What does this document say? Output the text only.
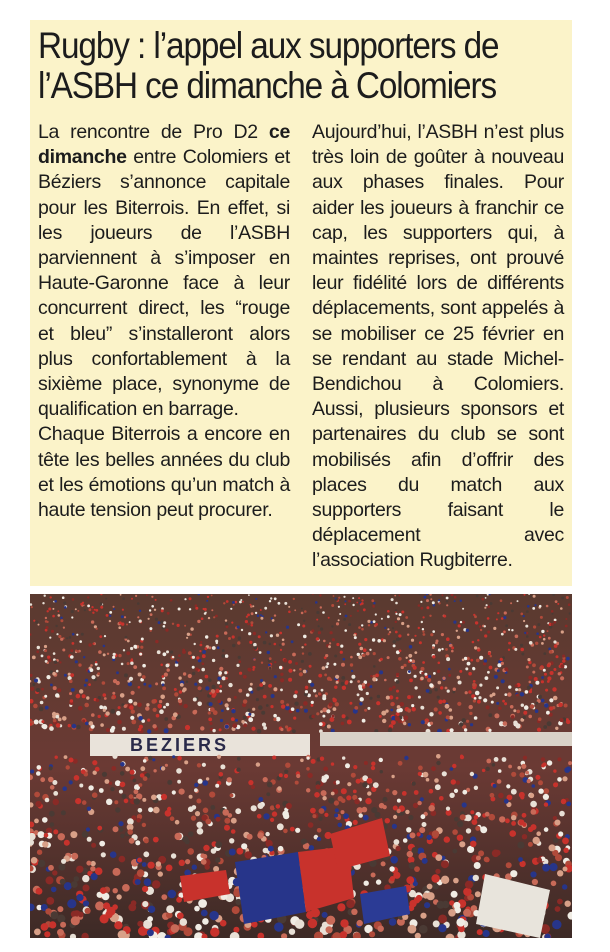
Rugby : l’appel aux supporters de l’ASBH ce dimanche à Colomiers

La rencontre de Pro D2 ce dimanche entre Colomiers et Béziers s’annonce capitale pour les Biterrois. En effet, si les joueurs de l’ASBH parviennent à s’imposer en Haute-Garonne face à leur concurrent direct, les “rouge et bleu” s’installeront alors plus confortablement à la sixième place, synonyme de qualification en barrage.

Chaque Biterrois a encore en tête les belles années du club et les émotions qu’un match à haute tension peut procurer.

Aujourd’hui, l’ASBH n’est plus très loin de goûter à nouveau aux phases finales. Pour aider les joueurs à franchir ce cap, les supporters qui, à maintes reprises, ont prouvé leur fidélité lors de différents déplacements, sont appelés à se mobiliser ce 25 février en se rendant au stade Michel- Bendichou à Colomiers. Aussi, plusieurs sponsors et partenaires du club se sont mobilisés afin d’offrir des places du match aux supporters faisant le déplacement avec l’association Rugbiterre.

BEZIERS
